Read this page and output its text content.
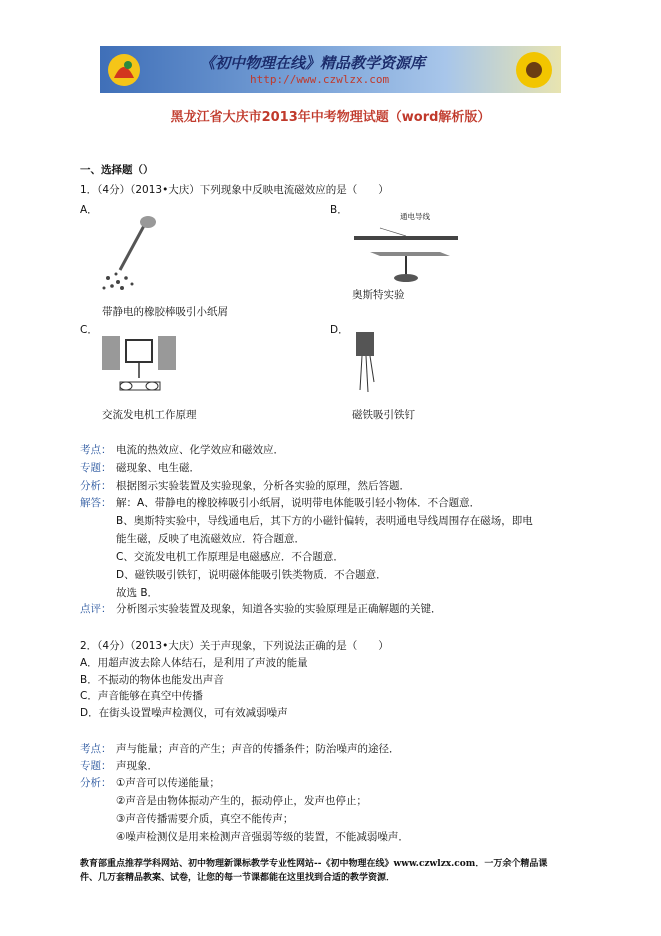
《初中物理在线》精品教学资源库
http://www.czwlzx.com
黑龙江省大庆市2013年中考物理试题（word解析版）
一、选择题（）
1．（4分）（2013•大庆）下列现象中反映电流磁效应的是（　　）
A．	B．
带静电的橡胶棒吸引小纸屑
通电导线
奥斯特实验
C．	D．
交流发电机工作原理	磁铁吸引铁钉
考点： 电流的热效应、化学效应和磁效应．
专题： 磁现象、电生磁．
分析： 根据图示实验装置及实验现象，分析各实验的原理，然后答题．
解答： 解：A、带静电的橡胶棒吸引小纸屑，说明带电体能吸引轻小物体．不合题意．
B、奥斯特实验中，导线通电后，其下方的小磁针偏转，表明通电导线周围存在磁场，即电
能生磁，反映了电流磁效应．符合题意．
C、交流发电机工作原理是电磁感应．不合题意．
D、磁铁吸引铁钉，说明磁体能吸引铁类物质．不合题意．
故选 B．
点评： 分析图示实验装置及现象，知道各实验的实验原理是正确解题的关键．
2．（4分）（2013•大庆）关于声现象，下列说法正确的是（　　）
A．用超声波去除人体结石，是利用了声波的能量
B．不振动的物体也能发出声音
C．声音能够在真空中传播
D．在街头设置噪声检测仪，可有效减弱噪声
考点： 声与能量；声音的产生；声音的传播条件；防治噪声的途径．
专题： 声现象．
分析： ①声音可以传递能量；
②声音是由物体振动产生的，振动停止，发声也停止；
③声音传播需要介质，真空不能传声；
④噪声检测仪是用来检测声音强弱等级的装置，不能减弱噪声．
教育部重点推荐学科网站、初中物理新课标教学专业性网站--《初中物理在线》www.czwlzx.com．一万余个精品课
件、几万套精品教案、试卷，让您的每一节课都能在这里找到合适的教学资源．
